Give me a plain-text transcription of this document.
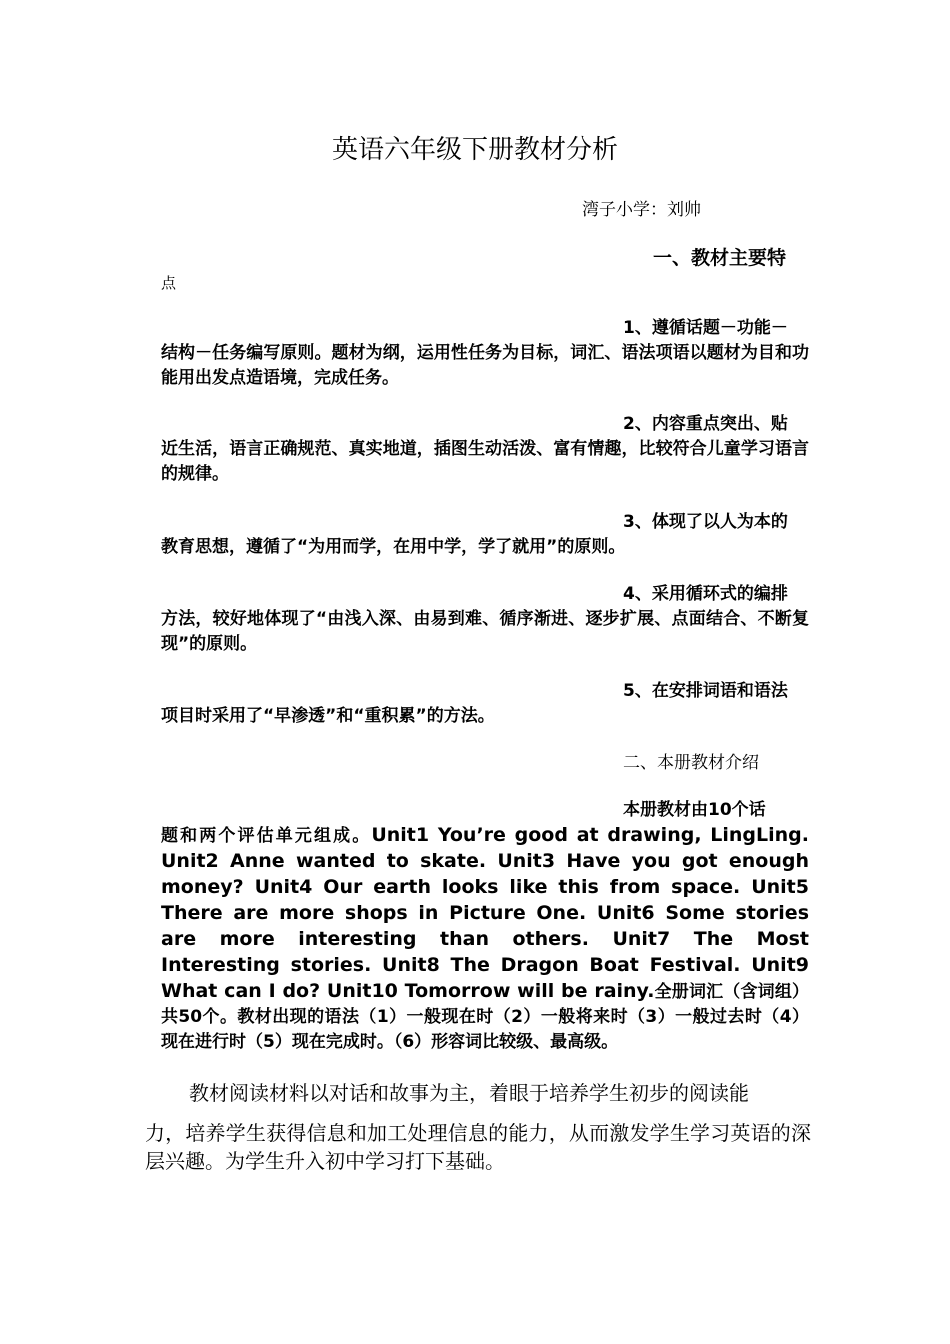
英语六年级下册教材分析
湾子小学：刘帅
一、教材主要特
点
1、遵循话题－功能－
结构－任务编写原则。题材为纲，运用性任务为目标，词汇、语法项语以题材为目和功能用出发点造语境，完成任务。
2、内容重点突出、贴
近生活，语言正确规范、真实地道，插图生动活泼、富有情趣，比较符合儿童学习语言的规律。
3、体现了以人为本的
教育思想，遵循了“为用而学，在用中学，学了就用”的原则。
4、采用循环式的编排
方法，较好地体现了“由浅入深、由易到难、循序渐进、逐步扩展、点面结合、不断复现”的原则。
5、在安排词语和语法
项目时采用了“早渗透”和“重积累”的方法。
二、本册教材介绍
本册教材由10个话
题和两个评估单元组成。Unit1 You’re good at drawing, LingLing. Unit2 Anne wanted to skate. Unit3 Have you got enough money? Unit4 Our earth looks like this from space. Unit5 There are more shops in Picture One. Unit6 Some stories are more interesting than others. Unit7 The Most Interesting stories. Unit8 The Dragon Boat Festival. Unit9 What can I do? Unit10 Tomorrow will be rainy.全册词汇（含词组）共50个。教材出现的语法（1）一般现在时（2）一般将来时（3）一般过去时（4）现在进行时（5）现在完成时。（6）形容词比较级、最高级。
教材阅读材料以对话和故事为主，着眼于培养学生初步的阅读能
力，培养学生获得信息和加工处理信息的能力，从而激发学生学习英语的深层兴趣。为学生升入初中学习打下基础。
